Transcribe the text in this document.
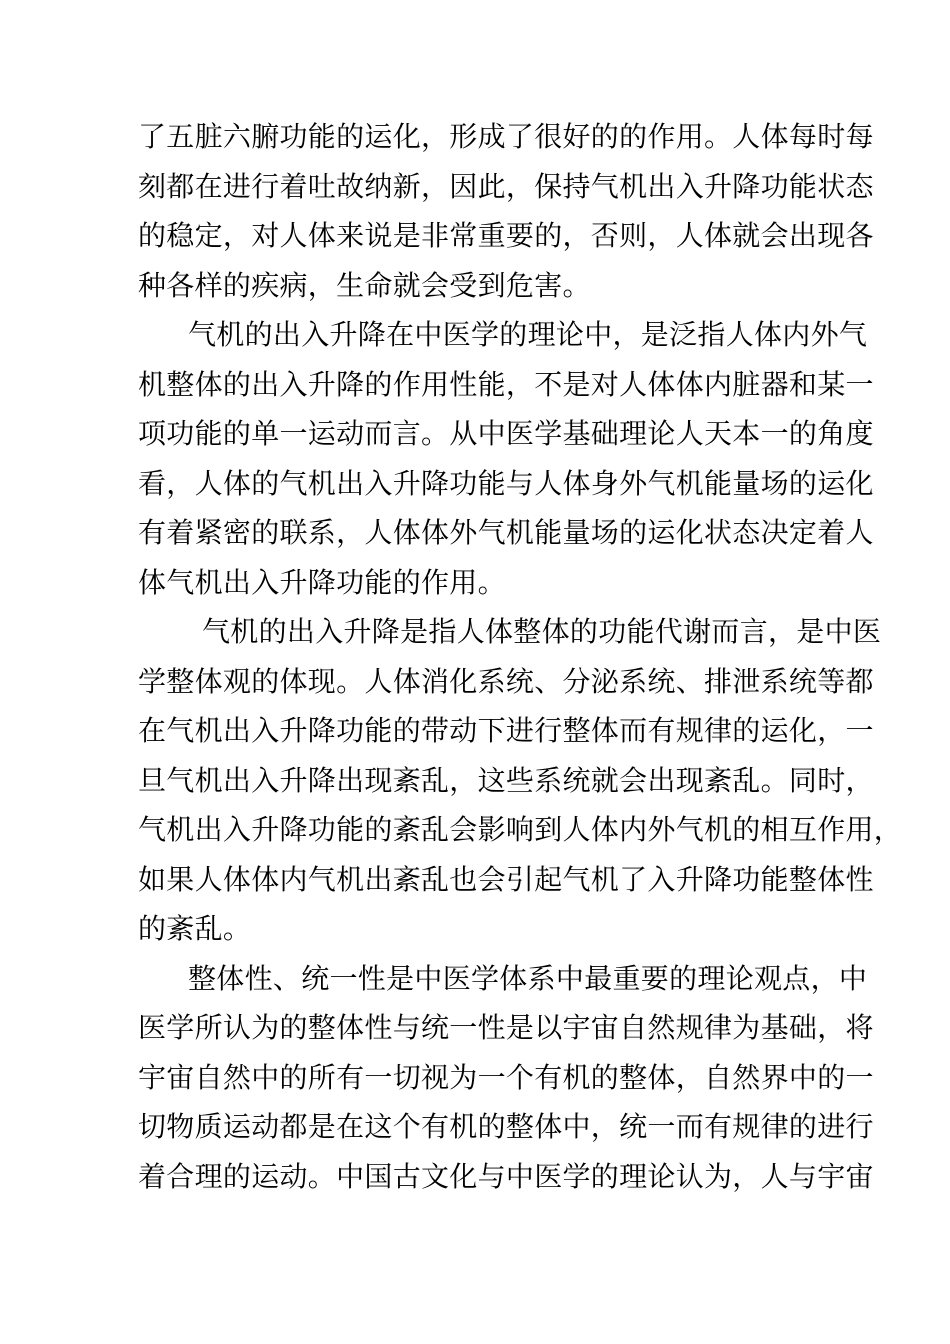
了五脏六腑功能的运化，形成了很好的的作用。人体每时每
刻都在进行着吐故纳新，因此，保持气机出入升降功能状态
的稳定，对人体来说是非常重要的，否则，人体就会出现各
种各样的疾病，生命就会受到危害。
气机的出入升降在中医学的理论中，是泛指人体内外气
机整体的出入升降的作用性能，不是对人体体内脏器和某一
项功能的单一运动而言。从中医学基础理论人天本一的角度
看，人体的气机出入升降功能与人体身外气机能量场的运化
有着紧密的联系，人体体外气机能量场的运化状态决定着人
体气机出入升降功能的作用。
气机的出入升降是指人体整体的功能代谢而言，是中医
学整体观的体现。人体消化系统、分泌系统、排泄系统等都
在气机出入升降功能的带动下进行整体而有规律的运化，一
旦气机出入升降出现紊乱，这些系统就会出现紊乱。同时，
气机出入升降功能的紊乱会影响到人体内外气机的相互作用，
如果人体体内气机出紊乱也会引起气机了入升降功能整体性
的紊乱。
整体性、统一性是中医学体系中最重要的理论观点，中
医学所认为的整体性与统一性是以宇宙自然规律为基础，将
宇宙自然中的所有一切视为一个有机的整体，自然界中的一
切物质运动都是在这个有机的整体中，统一而有规律的进行
着合理的运动。中国古文化与中医学的理论认为，人与宇宙
